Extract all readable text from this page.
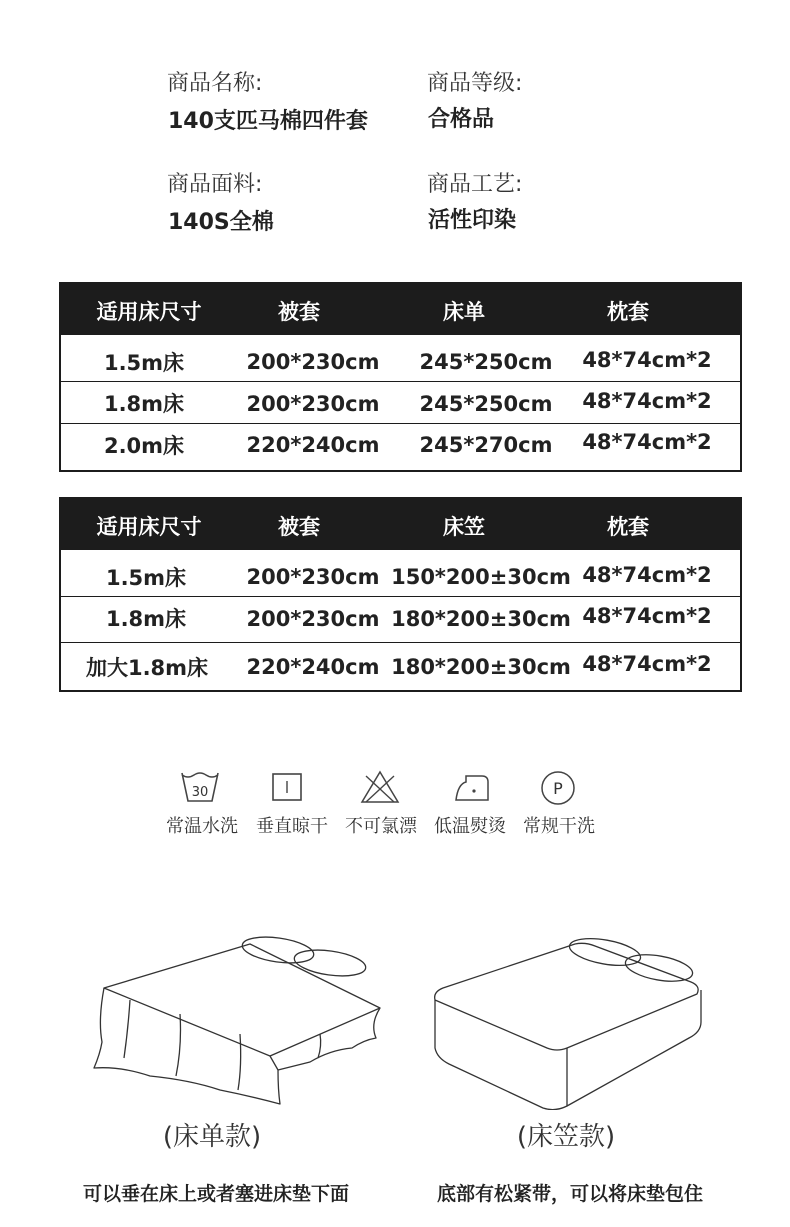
商品名称:
140支匹马棉四件套
商品等级:
合格品
商品面料:
140S全棉
商品工艺:
活性印染
适用床尺寸	被套	床单	枕套
1.5m床	200*230cm 245*250cm 48*74cm*2
1.8m床	200*230cm 245*250cm 48*74cm*2
2.0m床	220*240cm 245*270cm 48*74cm*2
适用床尺寸	被套	床笠	枕套
1.5m床	200*230cm 150*200±30cm 48*74cm*2
1.8m床	200*230cm 180*200±30cm 48*74cm*2
加大1.8m床 220*240cm 180*200±30cm 48*74cm*2
30	P
常温水洗 垂直晾干 不可氯漂 低温熨烫 常规干洗
(床单款)	(床笠款)
可以垂在床上或者塞进床垫下面	底部有松紧带，可以将床垫包住
